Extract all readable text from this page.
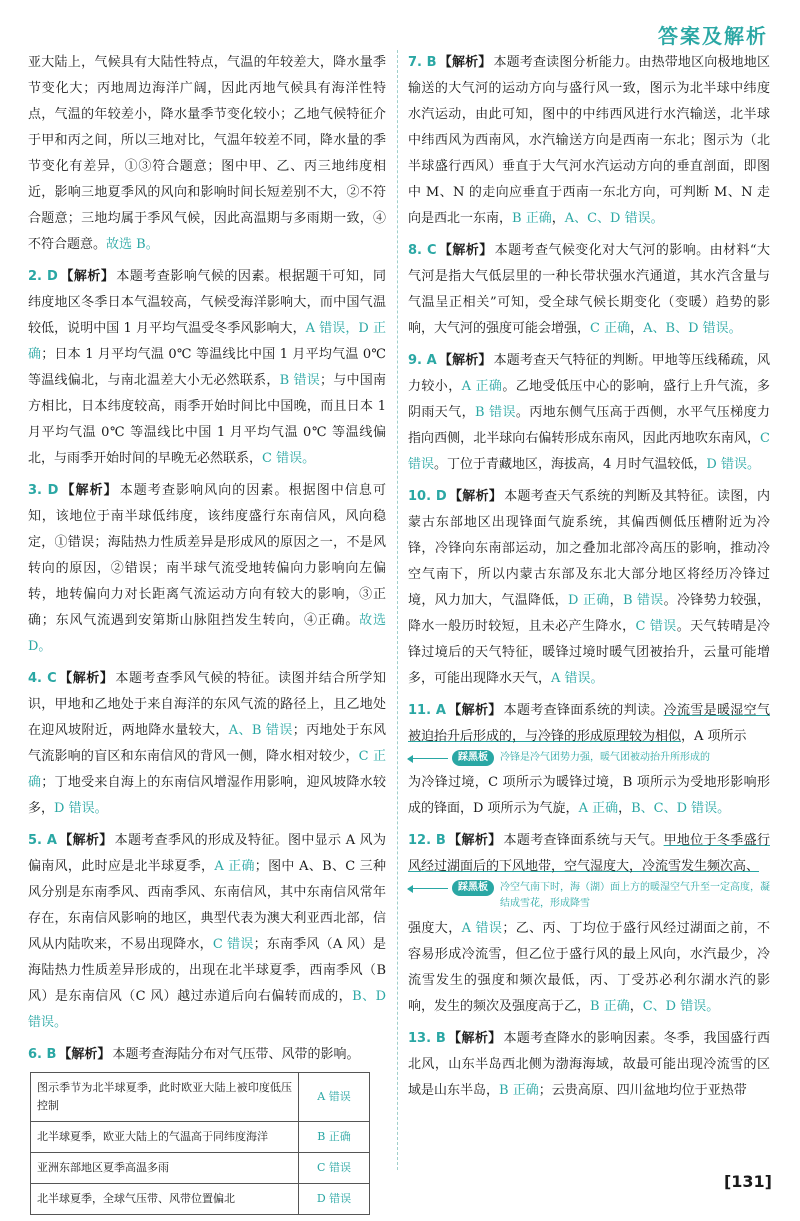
答案及解析

亚大陆上，气候具有大陆性特点，气温的年较差大，降水量季节变化大；丙地周边海洋广阔，因此丙地气候具有海洋性特点，气温的年较差小，降水量季节变化较小；乙地气候特征介于甲和丙之间，所以三地对比，气温年较差不同，降水量的季节变化有差异，①③符合题意；图中甲、乙、丙三地纬度相近，影响三地夏季风的风向和影响时间长短差别不大，②不符合题意；三地均属于季风气候，因此高温期与多雨期一致，④不符合题意。故选 B。

2. D 【解析】 本题考查影响气候的因素。根据题干可知，同纬度地区冬季日本气温较高，气候受海洋影响大，而中国气温较低，说明中国 1 月平均气温受冬季风影响大，A 错误，D 正确；日本 1 月平均气温 0℃ 等温线比中国 1 月平均气温 0℃ 等温线偏北，与南北温差大小无必然联系，B 错误；与中国南方相比，日本纬度较高，雨季开始时间比中国晚，而且日本 1 月平均气温 0℃ 等温线比中国 1 月平均气温 0℃ 等温线偏北，与雨季开始时间的早晚无必然联系，C 错误。

3. D 【解析】 本题考查影响风向的因素。根据图中信息可知，该地位于南半球低纬度，该纬度盛行东南信风，风向稳定，①错误；海陆热力性质差异是形成风的原因之一，不是风转向的原因，②错误；南半球气流受地转偏向力影响向左偏转，地转偏向力对长距离气流运动方向有较大的影响，③正确；东风气流遇到安第斯山脉阻挡发生转向，④正确。故选 D。

4. C 【解析】 本题考查季风气候的特征。读图并结合所学知识，甲地和乙地处于来自海洋的东风气流的路径上，且乙地处在迎风坡附近，两地降水量较大，A、B 错误；丙地处于东风气流影响的盲区和东南信风的背风一侧，降水相对较少，C 正确；丁地受来自海上的东南信风增湿作用影响，迎风坡降水较多，D 错误。

5. A 【解析】 本题考查季风的形成及特征。图中显示 A 风为偏南风，此时应是北半球夏季，A 正确；图中 A、B、C 三种风分别是东南季风、西南季风、东南信风，其中东南信风常年存在，东南信风影响的地区，典型代表为澳大利亚西北部，信风从内陆吹来，不易出现降水，C 错误；东南季风（A 风）是海陆热力性质差异形成的，出现在北半球夏季，西南季风（B 风）是东南信风（C 风）越过赤道后向右偏转而成的，B、D 错误。

6. B 【解析】 本题考查海陆分布对气压带、风带的影响。
图示季节为北半球夏季，此时欧亚大陆上被印度低压控制	A 错误
北半球夏季，欧亚大陆上的气温高于同纬度海洋	B 正确
亚洲东部地区夏季高温多雨	C 错误
北半球夏季，全球气压带、风带位置偏北	D 错误

7. B 【解析】 本题考查读图分析能力。由热带地区向极地地区输送的大气河的运动方向与盛行风一致，图示为北半球中纬度水汽运动，由此可知，图中的中纬西风进行水汽输送，北半球中纬西风为西南风，水汽输送方向是西南一东北；图示为（北半球盛行西风）垂直于大气河水汽运动方向的垂直剖面，即图中 M、N 的走向应垂直于西南一东北方向，可判断 M、N 走向是西北一东南，B 正确，A、C、D 错误。

8. C 【解析】 本题考查气候变化对大气河的影响。由材料“大气河是指大气低层里的一种长带状强水汽通道，其水汽含量与气温呈正相关”可知，受全球气候长期变化（变暖）趋势的影响，大气河的强度可能会增强，C 正确，A、B、D 错误。

9. A 【解析】 本题考查天气特征的判断。甲地等压线稀疏，风力较小，A 正确。乙地受低压中心的影响，盛行上升气流，多阴雨天气，B 错误。丙地东侧气压高于西侧，水平气压梯度力指向西侧，北半球向右偏转形成东南风，因此丙地吹东南风，C 错误。丁位于青藏地区，海拔高，4 月时气温较低，D 错误。

10. D 【解析】 本题考查天气系统的判断及其特征。读图，内蒙古东部地区出现锋面气旋系统，其偏西侧低压槽附近为冷锋，冷锋向东南部运动，加之叠加北部冷高压的影响，推动冷空气南下，所以内蒙古东部及东北大部分地区将经历冷锋过境，风力加大，气温降低，D 正确，B 错误。冷锋势力较强，降水一般历时较短，且未必产生降水，C 错误。天气转晴是冷锋过境后的天气特征，暖锋过境时暖气团被抬升，云量可能增多，可能出现降水天气，A 错误。

11. A 【解析】 本题考查锋面系统的判读。冷流雪是暖湿空气被迫抬升后形成的，与冷锋的形成原理较为相似，A 项所示
踩黑板	冷锋是冷气团势力强，暖气团被动抬升所形成的
为冷锋过境，C 项所示为暖锋过境，B 项所示为受地形影响形成的锋面，D 项所示为气旋，A 正确，B、C、D 错误。
12. B 【解析】 本题考查锋面系统与天气。甲地位于冬季盛行风经过湖面后的下风地带，空气湿度大，冷流雪发生频次高、
踩黑板	冷空气南下时，海（湖）面上方的暖湿空气升至一定高度，凝结成雪花，形成降雪
强度大，A 错误；乙、丙、丁均位于盛行风经过湖面之前，不容易形成冷流雪，但乙位于盛行风的最上风向，水汽最少，冷流雪发生的强度和频次最低，丙、丁受苏必利尔湖水汽的影响，发生的频次及强度高于乙，B 正确，C、D 错误。

13. B 【解析】 本题考查降水的影响因素。冬季，我国盛行西北风，山东半岛西北侧为渤海海域，故最可能出现冷流雪的区域是山东半岛，B 正确；云贵高原、四川盆地均位于亚热带

[131]
